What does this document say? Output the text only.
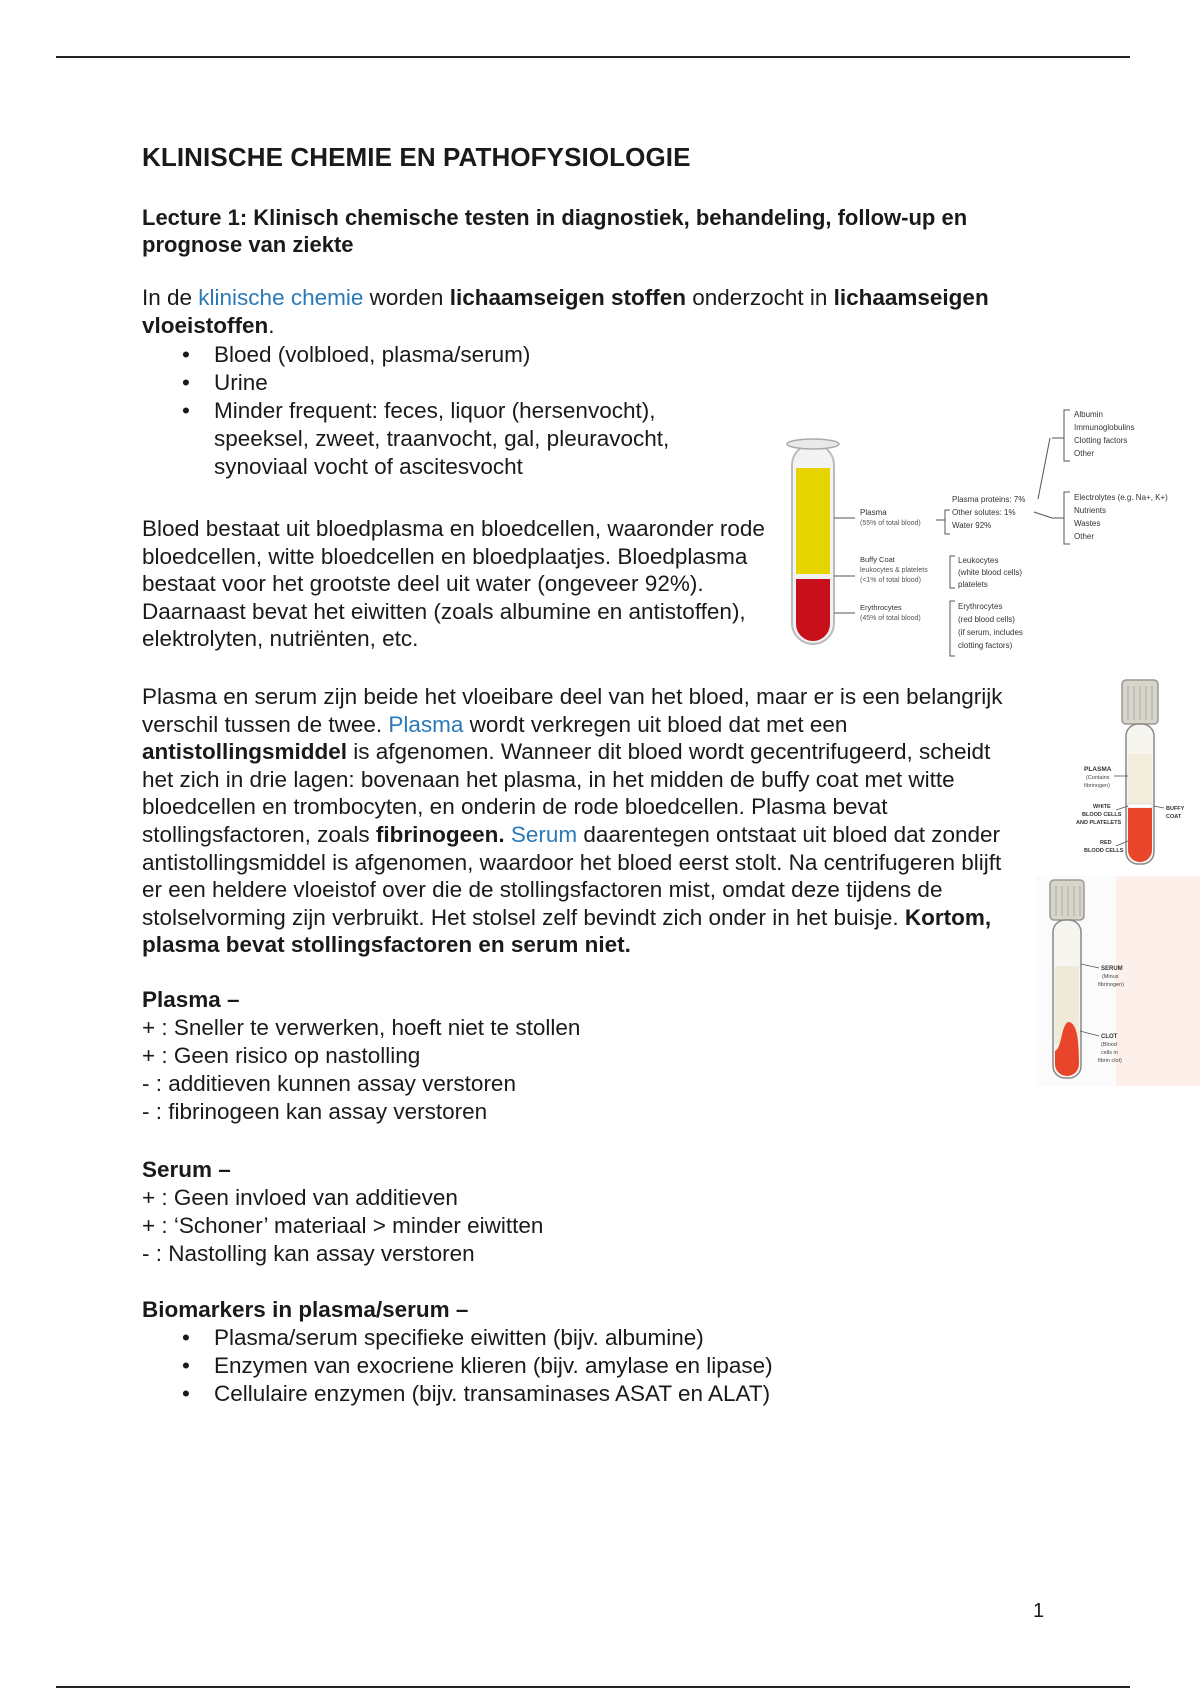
KLINISCHE CHEMIE EN PATHOFYSIOLOGIE

Lecture 1: Klinisch chemische testen in diagnostiek, behandeling, follow-up en prognose van ziekte

In de klinische chemie worden lichaamseigen stoffen onderzocht in lichaamseigen vloeistoffen.

• Bloed (volbloed, plasma/serum)
• Urine
• Minder frequent: feces, liquor (hersenvocht), speeksel, zweet, traanvocht, gal, pleuravocht, synoviaal vocht of ascitesvocht

Bloed bestaat uit bloedplasma en bloedcellen, waaronder rode bloedcellen, witte bloedcellen en bloedplaatjes. Bloedplasma bestaat voor het grootste deel uit water (ongeveer 92%). Daarnaast bevat het eiwitten (zoals albumine en antistoffen), elektrolyten, nutriënten, etc.

Plasma
(55% of total blood)
Buffy Coat
leukocytes & platelets
(<1% of total blood)
Erythrocytes
(45% of total blood)
Plasma proteins: 7%
Other solutes: 1%
Water 92%
Leukocytes
(white blood cells)
platelets
Erythrocytes
(red blood cells)
(if serum, includes
clotting factors)
Albumin
Immunoglobulins
Clotting factors
Other
Electrolytes (e.g. Na+, K+)
Nutrients
Wastes
Other

Plasma en serum zijn beide het vloeibare deel van het bloed, maar er is een belangrijk verschil tussen de twee. Plasma wordt verkregen uit bloed dat met een antistollingsmiddel is afgenomen. Wanneer dit bloed wordt gecentrifugeerd, scheidt het zich in drie lagen: bovenaan het plasma, in het midden de buffy coat met witte bloedcellen en trombocyten, en onderin de rode bloedcellen. Plasma bevat stollingsfactoren, zoals fibrinogeen. Serum daarentegen ontstaat uit bloed dat zonder antistollingsmiddel is afgenomen, waardoor het bloed eerst stolt. Na centrifugeren blijft er een heldere vloeistof over die de stollingsfactoren mist, omdat deze tijdens de stolselvorming zijn verbruikt. Het stolsel zelf bevindt zich onder in het buisje. Kortom, plasma bevat stollingsfactoren en serum niet.

PLASMA
(Contains
fibrinogen)
WHITE
BLOOD CELLS
AND PLATELETS
RED
BLOOD CELLS
BUFFY
COAT
SERUM
(Minus
fibrinogen)
CLOT
(Blood
cells in
fibrin clot)

Plasma –

+ : Sneller te verwerken, hoeft niet te stollen

+ : Geen risico op nastolling

- : additieven kunnen assay verstoren

- : fibrinogeen kan assay verstoren

Serum –

+ : Geen invloed van additieven

+ : ‘Schoner’ materiaal > minder eiwitten

- : Nastolling kan assay verstoren

Biomarkers in plasma/serum –

• Plasma/serum specifieke eiwitten (bijv. albumine)
• Enzymen van exocriene klieren (bijv. amylase en lipase)
• Cellulaire enzymen (bijv. transaminases ASAT en ALAT)
1
